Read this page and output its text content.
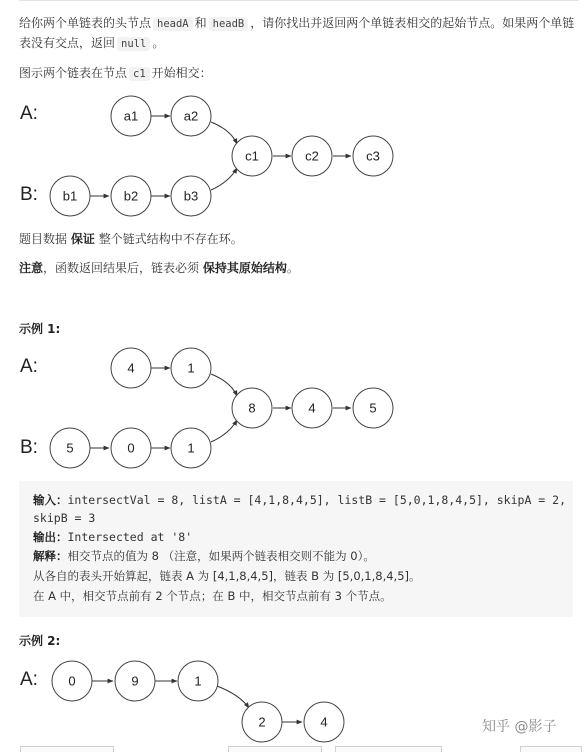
给你两个单链表的头节点 headA 和 headB ，请你找出并返回两个单链表相交的起始节点。如果两个单链
表没有交点，返回 null 。

图示两个链表在节点 c1 开始相交：

A:
B:
a1	a2
b1	b2	b3
c1	c2	c3

题目数据 保证 整个链式结构中不存在环。

注意，函数返回结果后，链表必须 保持其原始结构。

示例 1:
A:
B:
4	1
5	0	1
8	4	5
输入：intersectVal = 8, listA = [4,1,8,4,5], listB = [5,0,1,8,4,5], skipA = 2,
skipB = 3
输出：Intersected at '8'
解释：相交节点的值为 8 （注意，如果两个链表相交则不能为 0）。
从各自的表头开始算起，链表 A 为 [4,1,8,4,5]，链表 B 为 [5,0,1,8,4,5]。
在 A 中，相交节点前有 2 个节点；在 B 中，相交节点前有 3 个节点。
示例 2:
A: 0	9	1
2	4	知乎 @影子
